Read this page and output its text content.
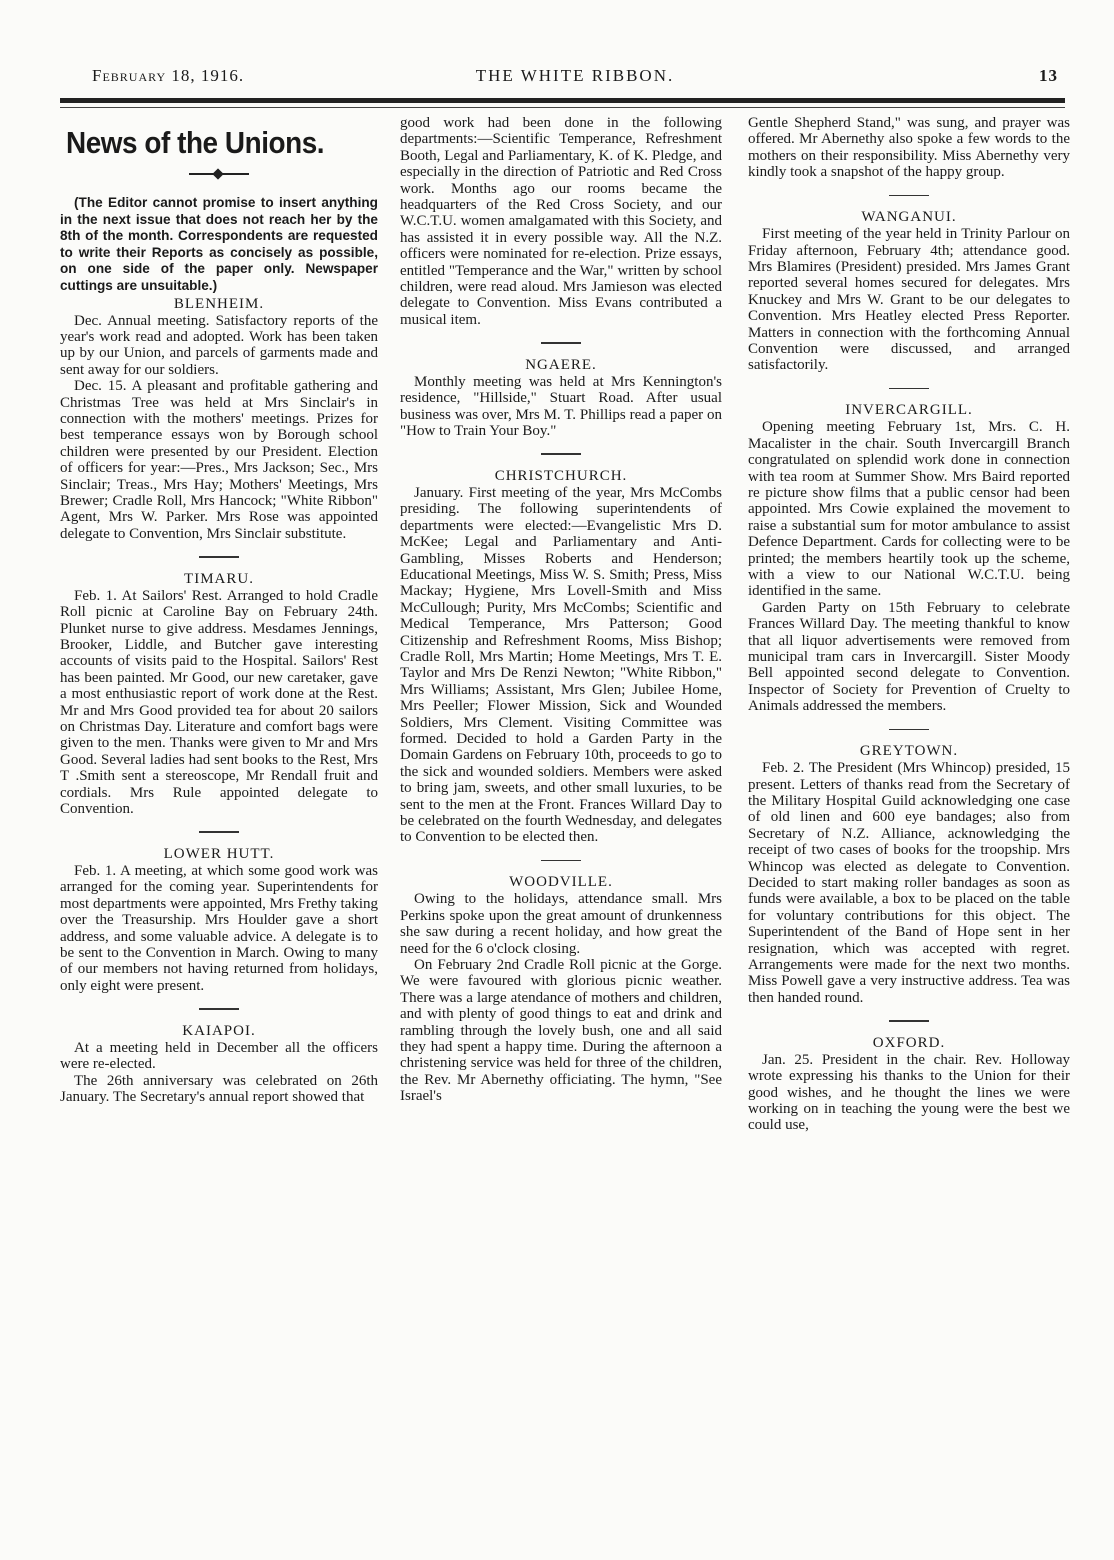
February 18, 1916.	THE WHITE RIBBON.	13
News of the Unions.

(The Editor cannot promise to insert anything in the next issue that does not reach her by the 8th of the month. Correspondents are requested to write their Reports as concisely as possible, on one side of the paper only. Newspaper cuttings are unsuitable.)

BLENHEIM.

Dec. Annual meeting. Satisfactory reports of the year's work read and adopted. Work has been taken up by our Union, and parcels of garments made and sent away for our soldiers.

Dec. 15. A pleasant and profitable gathering and Christmas Tree was held at Mrs Sinclair's in connection with the mothers' meetings. Prizes for best temperance essays won by Borough school children were presented by our President. Election of officers for year:—Pres., Mrs Jackson; Sec., Mrs Sinclair; Treas., Mrs Hay; Mothers' Meetings, Mrs Brewer; Cradle Roll, Mrs Hancock; "White Ribbon" Agent, Mrs W. Parker. Mrs Rose was appointed delegate to Convention, Mrs Sinclair substitute.

TIMARU.

Feb. 1. At Sailors' Rest. Arranged to hold Cradle Roll picnic at Caroline Bay on February 24th. Plunket nurse to give address. Mesdames Jennings, Brooker, Liddle, and Butcher gave interesting accounts of visits paid to the Hospital. Sailors' Rest has been painted. Mr Good, our new caretaker, gave a most enthusiastic report of work done at the Rest. Mr and Mrs Good provided tea for about 20 sailors on Christmas Day. Literature and comfort bags were given to the men. Thanks were given to Mr and Mrs Good. Several ladies had sent books to the Rest, Mrs T .Smith sent a stereoscope, Mr Rendall fruit and cordials. Mrs Rule appointed delegate to Convention.

LOWER HUTT.

Feb. 1. A meeting, at which some good work was arranged for the coming year. Superintendents for most departments were appointed, Mrs Frethy taking over the Treasurship. Mrs Houlder gave a short address, and some valuable advice. A delegate is to be sent to the Convention in March. Owing to many of our members not having returned from holidays, only eight were present.

KAIAPOI.

At a meeting held in December all the officers were re-elected.

The 26th anniversary was celebrated on 26th January. The Secretary's annual report showed that

good work had been done in the following departments:—Scientific Temperance, Refreshment Booth, Legal and Parliamentary, K. of K. Pledge, and especially in the direction of Patriotic and Red Cross work. Months ago our rooms became the headquarters of the Red Cross Society, and our W.C.T.U. women amalgamated with this Society, and has assisted it in every possible way. All the N.Z. officers were nominated for re-election. Prize essays, entitled "Temperance and the War," written by school children, were read aloud. Mrs Jamieson was elected delegate to Convention. Miss Evans contributed a musical item.

NGAERE.

Monthly meeting was held at Mrs Kennington's residence, "Hillside," Stuart Road. After usual business was over, Mrs M. T. Phillips read a paper on "How to Train Your Boy."

CHRISTCHURCH.

January. First meeting of the year, Mrs McCombs presiding. The following superintendents of departments were elected:—Evangelistic Mrs D. McKee; Legal and Parliamentary and Anti-Gambling, Misses Roberts and Henderson; Educational Meetings, Miss W. S. Smith; Press, Miss Mackay; Hygiene, Mrs Lovell-Smith and Miss McCullough; Purity, Mrs McCombs; Scientific and Medical Temperance, Mrs Patterson; Good Citizenship and Refreshment Rooms, Miss Bishop; Cradle Roll, Mrs Martin; Home Meetings, Mrs T. E. Taylor and Mrs De Renzi Newton; "White Ribbon," Mrs Williams; Assistant, Mrs Glen; Jubilee Home, Mrs Peeller; Flower Mission, Sick and Wounded Soldiers, Mrs Clement. Visiting Committee was formed. Decided to hold a Garden Party in the Domain Gardens on February 10th, proceeds to go to the sick and wounded soldiers. Members were asked to bring jam, sweets, and other small luxuries, to be sent to the men at the Front. Frances Willard Day to be celebrated on the fourth Wednesday, and delegates to Convention to be elected then.

WOODVILLE.

Owing to the holidays, attendance small. Mrs Perkins spoke upon the great amount of drunkenness she saw during a recent holiday, and how great the need for the 6 o'clock closing.

On February 2nd Cradle Roll picnic at the Gorge. We were favoured with glorious picnic weather. There was a large atendance of mothers and children, and with plenty of good things to eat and drink and rambling through the lovely bush, one and all said they had spent a happy time. During the afternoon a christening service was held for three of the children, the Rev. Mr Abernethy officiating. The hymn, "See Israel's

Gentle Shepherd Stand," was sung, and prayer was offered. Mr Abernethy also spoke a few words to the mothers on their responsibility. Miss Abernethy very kindly took a snapshot of the happy group.

WANGANUI.

First meeting of the year held in Trinity Parlour on Friday afternoon, February 4th; attendance good. Mrs Blamires (President) presided. Mrs James Grant reported several homes secured for delegates. Mrs Knuckey and Mrs W. Grant to be our delegates to Convention. Mrs Heatley elected Press Reporter. Matters in connection with the forthcoming Annual Convention were discussed, and arranged satisfactorily.

INVERCARGILL.

Opening meeting February 1st, Mrs. C. H. Macalister in the chair. South Invercargill Branch congratulated on splendid work done in connection with tea room at Summer Show. Mrs Baird reported re picture show films that a public censor had been appointed. Mrs Cowie explained the movement to raise a substantial sum for motor ambulance to assist Defence Department. Cards for collecting were to be printed; the members heartily took up the scheme, with a view to our National W.C.T.U. being identified in the same.

Garden Party on 15th February to celebrate Frances Willard Day. The meeting thankful to know that all liquor advertisements were removed from municipal tram cars in Invercargill. Sister Moody Bell appointed second delegate to Convention. Inspector of Society for Prevention of Cruelty to Animals addressed the members.

GREYTOWN.

Feb. 2. The President (Mrs Whincop) presided, 15 present. Letters of thanks read from the Secretary of the Military Hospital Guild acknowledging one case of old linen and 600 eye bandages; also from Secretary of N.Z. Alliance, acknowledging the receipt of two cases of books for the troopship. Mrs Whincop was elected as delegate to Convention. Decided to start making roller bandages as soon as funds were available, a box to be placed on the table for voluntary contributions for this object. The Superintendent of the Band of Hope sent in her resignation, which was accepted with regret. Arrangements were made for the next two months. Miss Powell gave a very instructive address. Tea was then handed round.

OXFORD.

Jan. 25. President in the chair. Rev. Holloway wrote expressing his thanks to the Union for their good wishes, and he thought the lines we were working on in teaching the young were the best we could use,
